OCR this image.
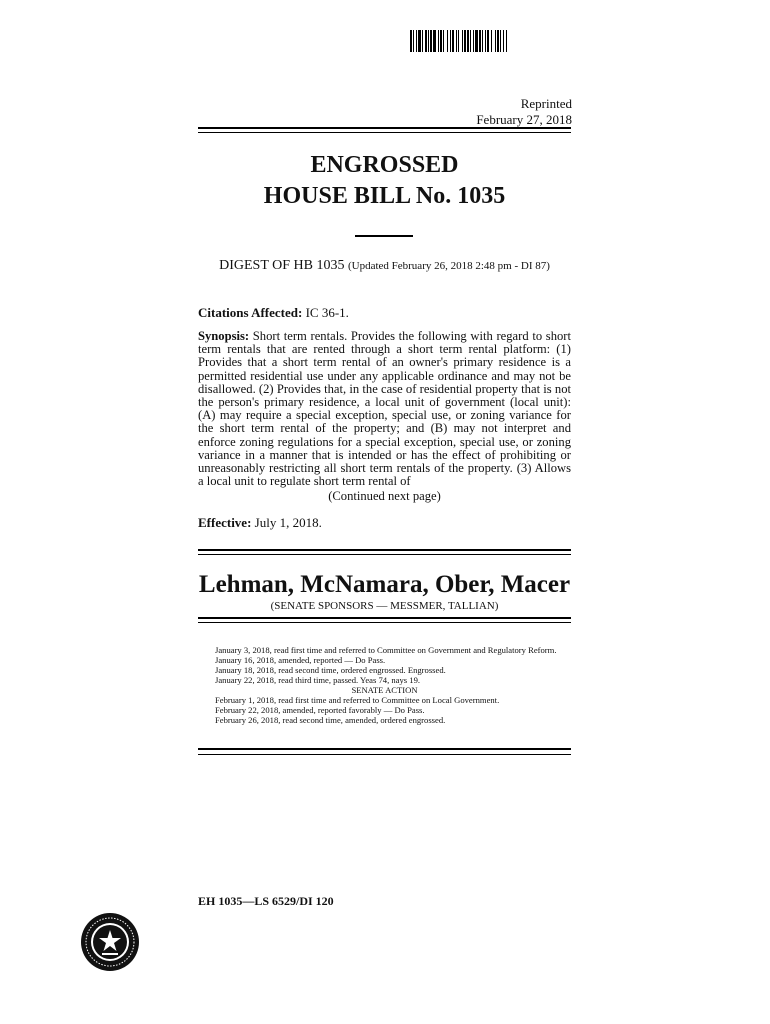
Reprinted
February 27, 2018
ENGROSSED
HOUSE BILL No. 1035
DIGEST OF HB 1035 (Updated February 26, 2018 2:48 pm - DI 87)
Citations Affected: IC 36-1.
Synopsis: Short term rentals. Provides the following with regard to short term rentals that are rented through a short term rental platform: (1) Provides that a short term rental of an owner's primary residence is a permitted residential use under any applicable ordinance and may not be disallowed. (2) Provides that, in the case of residential property that is not the person's primary residence, a local unit of government (local unit): (A) may require a special exception, special use, or zoning variance for the short term rental of the property; and (B) may not interpret and enforce zoning regulations for a special exception, special use, or zoning variance in a manner that is intended or has the effect of prohibiting or unreasonably restricting all short term rentals of the property. (3) Allows a local unit to regulate short term rental of
(Continued next page)
Effective: July 1, 2018.
Lehman, McNamara, Ober, Macer
(SENATE SPONSORS — MESSMER, TALLIAN)
January 3, 2018, read first time and referred to Committee on Government and Regulatory Reform.
January 16, 2018, amended, reported — Do Pass.
January 18, 2018, read second time, ordered engrossed. Engrossed.
January 22, 2018, read third time, passed. Yeas 74, nays 19.
SENATE ACTION
February 1, 2018, read first time and referred to Committee on Local Government.
February 22, 2018, amended, reported favorably — Do Pass.
February 26, 2018, read second time, amended, ordered engrossed.
EH 1035—LS 6529/DI 120
